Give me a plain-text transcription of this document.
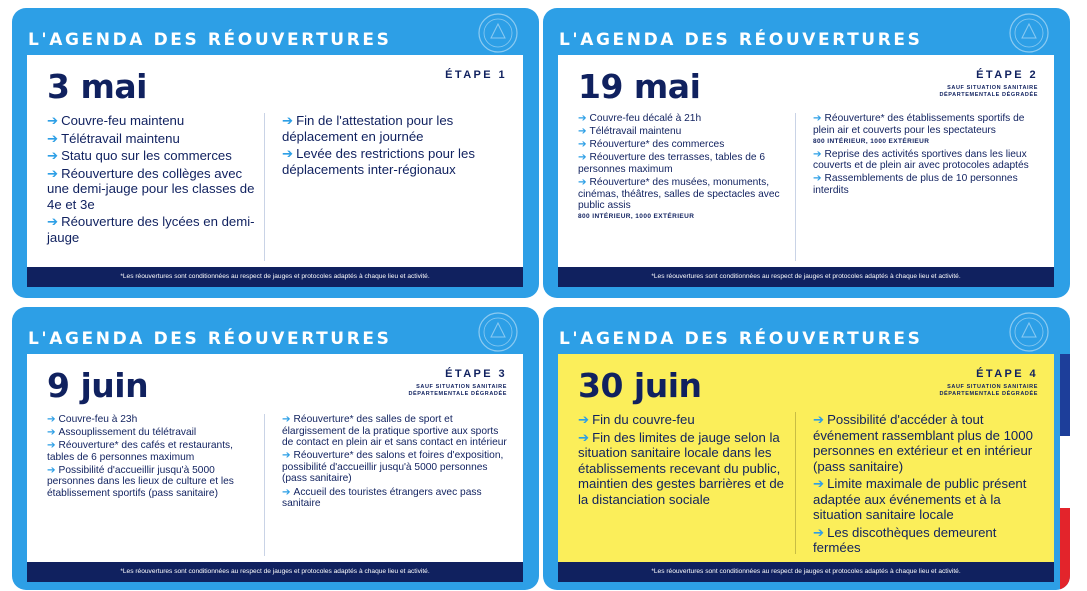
L'AGENDA DES RÉOUVERTURES
3 mai	ÉTAPE 1

➔ Couvre-feu maintenu

➔ Télétravail maintenu

➔ Statu quo sur les commerces

➔ Réouverture des collèges avec une demi-jauge pour les classes de 4e et 3e

➔ Réouverture des lycées en demi-jauge

➔ Fin de l'attestation pour les déplacement en journée

➔ Levée des restrictions pour les déplacements inter-régionaux

*Les réouvertures sont conditionnées au respect de jauges et protocoles adaptés à chaque lieu et activité.
L'AGENDA DES RÉOUVERTURES
19 mai	ÉTAPE 2
SAUF SITUATION SANITAIRE DÉPARTEMENTALE DÉGRADÉE

➔ Couvre-feu décalé à 21h

➔ Télétravail maintenu

➔ Réouverture* des commerces

➔ Réouverture des terrasses, tables de 6 personnes maximum

➔ Réouverture* des musées, monuments, cinémas, théâtres, salles de spectacles avec public assis

800 INTÉRIEUR, 1000 EXTÉRIEUR

➔ Réouverture* des établissements sportifs de plein air et couverts pour les spectateurs

800 INTÉRIEUR, 1000 EXTÉRIEUR

➔ Reprise des activités sportives dans les lieux couverts et de plein air avec protocoles adaptés

➔ Rassemblements de plus de 10 personnes interdits

*Les réouvertures sont conditionnées au respect de jauges et protocoles adaptés à chaque lieu et activité.
L'AGENDA DES RÉOUVERTURES
9 juin	ÉTAPE 3
SAUF SITUATION SANITAIRE DÉPARTEMENTALE DÉGRADÉE

➔ Couvre-feu à 23h

➔ Assouplissement du télétravail

➔ Réouverture* des cafés et restaurants, tables de 6 personnes maximum

➔ Possibilité d'accueillir jusqu'à 5000 personnes dans les lieux de culture et les établissement sportifs (pass sanitaire)

➔ Réouverture* des salles de sport et élargissement de la pratique sportive aux sports de contact en plein air et sans contact en intérieur

➔ Réouverture* des salons et foires d'exposition, possibilité d'accueillir jusqu'à 5000 personnes (pass sanitaire)

➔ Accueil des touristes étrangers avec pass sanitaire

*Les réouvertures sont conditionnées au respect de jauges et protocoles adaptés à chaque lieu et activité.
L'AGENDA DES RÉOUVERTURES
30 juin	ÉTAPE 4
SAUF SITUATION SANITAIRE DÉPARTEMENTALE DÉGRADÉE

➔ Fin du couvre-feu

➔ Fin des limites de jauge selon la situation sanitaire locale dans les établissements recevant du public, maintien des gestes barrières et de la distanciation sociale

➔ Possibilité d'accéder à tout événement rassemblant plus de 1000 personnes en extérieur et en intérieur (pass sanitaire)

➔ Limite maximale de public présent adaptée aux événements et à la situation sanitaire locale

➔ Les discothèques demeurent fermées

*Les réouvertures sont conditionnées au respect de jauges et protocoles adaptés à chaque lieu et activité.
